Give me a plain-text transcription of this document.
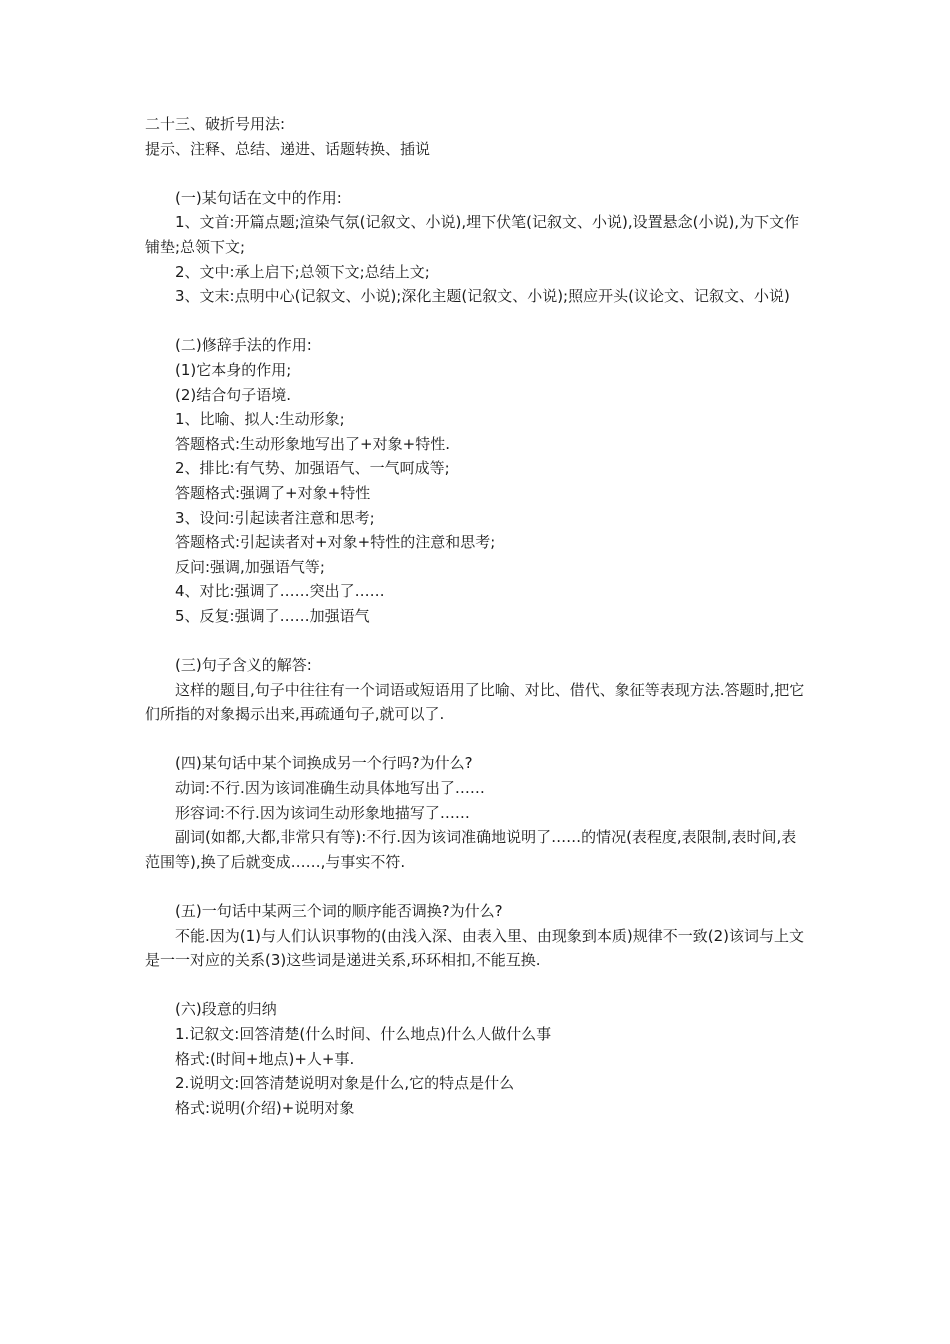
二十三、破折号用法:

提示、注释、总结、递进、话题转换、插说

(一)某句话在文中的作用:

1、文首:开篇点题;渲染气氛(记叙文、小说),埋下伏笔(记叙文、小说),设置悬念(小说),为下文作铺垫;总领下文;

2、文中:承上启下;总领下文;总结上文;

3、文末:点明中心(记叙文、小说);深化主题(记叙文、小说);照应开头(议论文、记叙文、小说)

(二)修辞手法的作用:

(1)它本身的作用;

(2)结合句子语境.

1、比喻、拟人:生动形象;

答题格式:生动形象地写出了+对象+特性.

2、排比:有气势、加强语气、一气呵成等;

答题格式:强调了+对象+特性

3、设问:引起读者注意和思考;

答题格式:引起读者对+对象+特性的注意和思考;

反问:强调,加强语气等;

4、对比:强调了……突出了……

5、反复:强调了……加强语气

(三)句子含义的解答:

这样的题目,句子中往往有一个词语或短语用了比喻、对比、借代、象征等表现方法.答题时,把它们所指的对象揭示出来,再疏通句子,就可以了.

(四)某句话中某个词换成另一个行吗?为什么?

动词:不行.因为该词准确生动具体地写出了……

形容词:不行.因为该词生动形象地描写了……

副词(如都,大都,非常只有等):不行.因为该词准确地说明了……的情况(表程度,表限制,表时间,表范围等),换了后就变成……,与事实不符.

(五)一句话中某两三个词的顺序能否调换?为什么?

不能.因为(1)与人们认识事物的(由浅入深、由表入里、由现象到本质)规律不一致(2)该词与上文是一一对应的关系(3)这些词是递进关系,环环相扣,不能互换.

(六)段意的归纳

1.记叙文:回答清楚(什么时间、什么地点)什么人做什么事

格式:(时间+地点)+人+事.

2.说明文:回答清楚说明对象是什么,它的特点是什么

格式:说明(介绍)+说明对象
